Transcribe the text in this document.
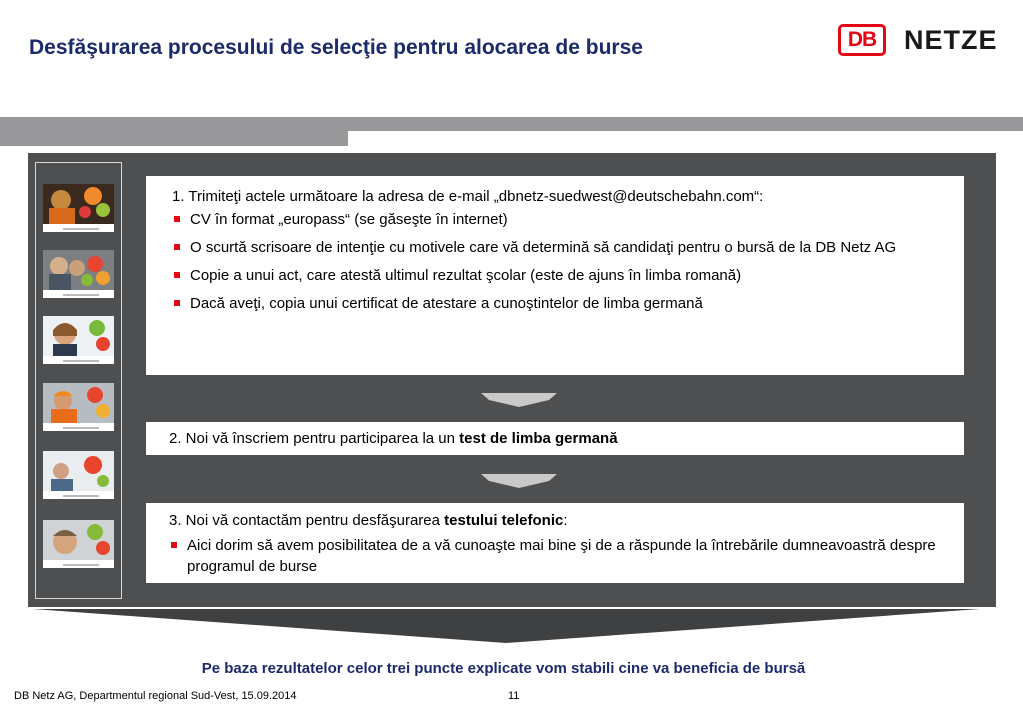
Desfăşurarea procesului de selecţie pentru alocarea de burse	DB	NETZE

1. Trimiteţi actele următoare la adresa de e-mail „dbnetz-suedwest@deutschebahn.com“:

CV în format „europass“ (se găseşte în internet)
O scurtă scrisoare de intenţie cu motivele care vă determină să candidaţi pentru o bursă de la DB Netz AG
Copie a unui act, care atestă ultimul rezultat şcolar (este de ajuns în limba romană)
Dacă aveţi, copia unui certificat de atestare a cunoştintelor de limba germană

2. Noi vă înscriem pentru participarea la un test de limba germană

3. Noi vă contactăm pentru desfăşurarea testului telefonic:

Aici dorim să avem posibilitatea de a vă cunoaşte mai bine şi de a răspunde la întrebările dumneavoastră despre programul de burse
Pe baza rezultatelor celor trei puncte explicate vom stabili cine va beneficia de bursă
DB Netz AG, Departmentul regional Sud-Vest, 15.09.2014	11
